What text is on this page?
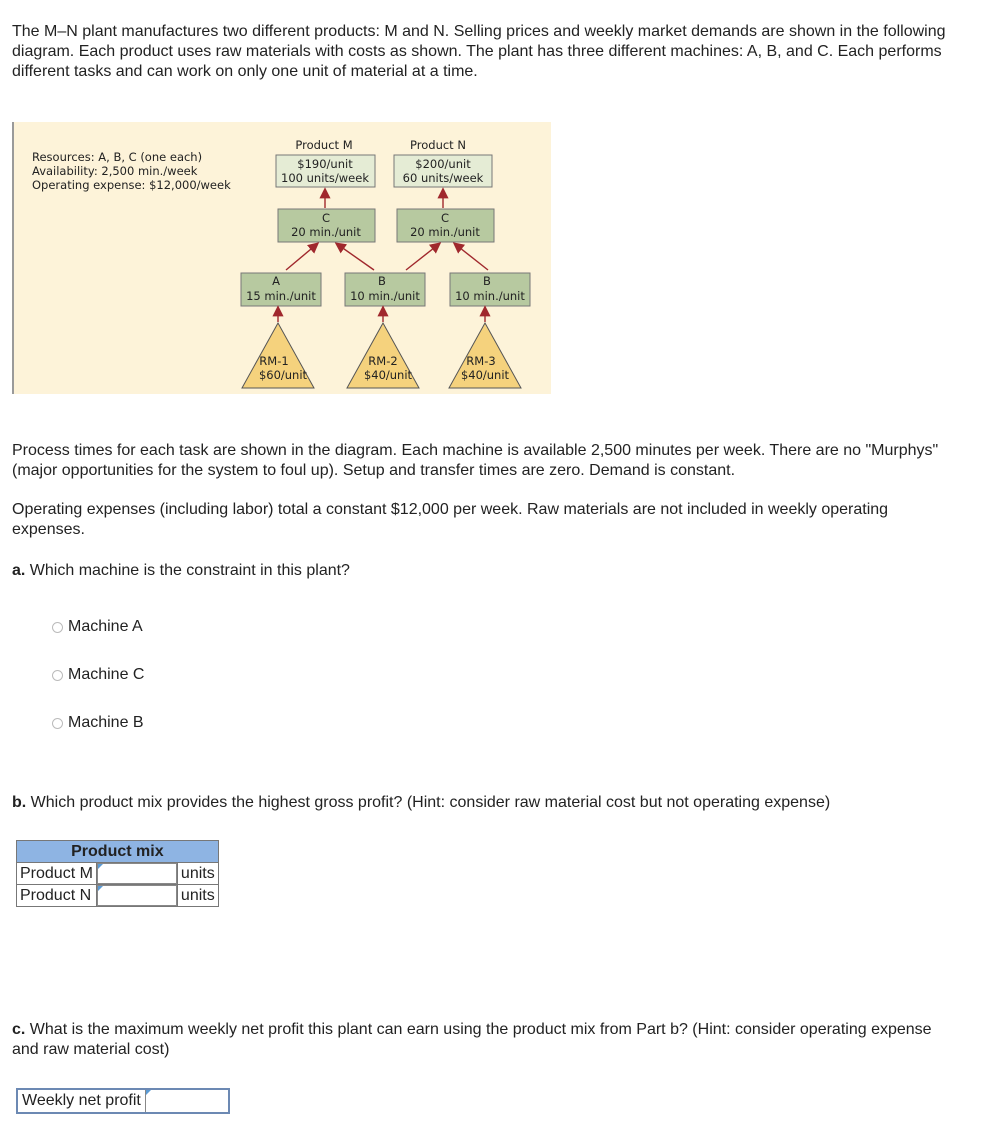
The M–N plant manufactures two different products: M and N. Selling prices and weekly market demands are shown in the following diagram. Each product uses raw materials with costs as shown. The plant has three different machines: A, B, and C. Each performs different tasks and can work on only one unit of material at a time.

Resources: A, B, C (one each)
Availability: 2,500 min./week
Operating expense: $12,000/week
Product M
$190/unit
100 units/week
Product N
$200/unit
60 units/week
C
20 min./unit
C
20 min./unit
A
15 min./unit
B
10 min./unit
B
10 min./unit
RM-1
$60/unit
RM-2
$40/unit
RM-3
$40/unit

Process times for each task are shown in the diagram. Each machine is available 2,500 minutes per week. There are no "Murphys" (major opportunities for the system to foul up). Setup and transfer times are zero. Demand is constant.

Operating expenses (including labor) total a constant $12,000 per week. Raw materials are not included in weekly operating expenses.

a. Which machine is the constraint in this plant?

Machine A
Machine C
Machine B

b. Which product mix provides the highest gross profit? (Hint: consider raw material cost but not operating expense)

Product mix		
Product M		units
Product N		units

c. What is the maximum weekly net profit this plant can earn using the product mix from Part b? (Hint: consider operating expense and raw material cost)

Weekly net profit
